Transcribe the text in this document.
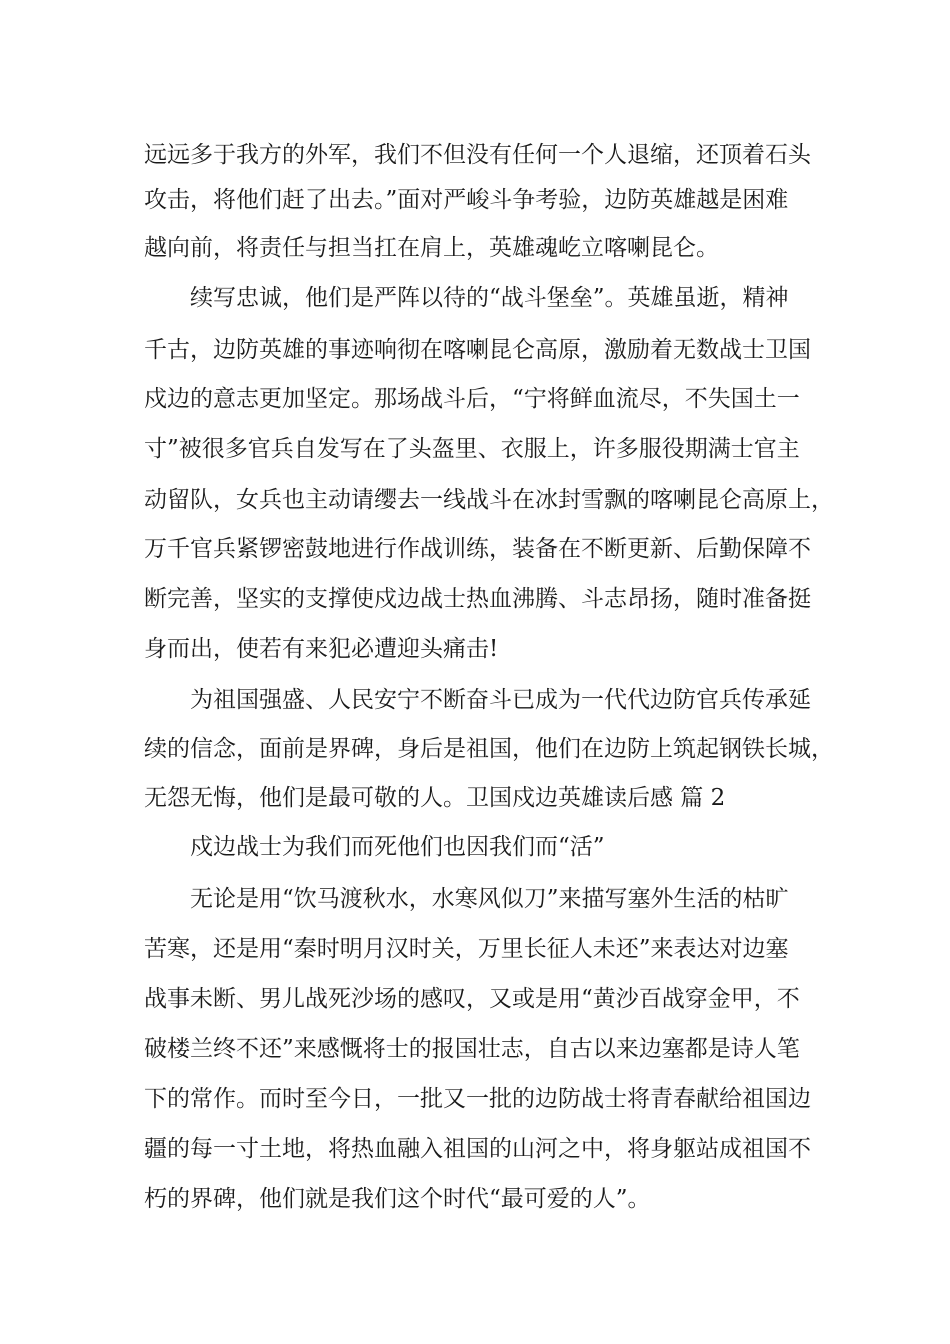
远远多于我方的外军，我们不但没有任何一个人退缩，还顶着石头

攻击，将他们赶了出去。”面对严峻斗争考验，边防英雄越是困难

越向前，将责任与担当扛在肩上，英雄魂屹立喀喇昆仑。

续写忠诚，他们是严阵以待的“战斗堡垒”。英雄虽逝，精神

千古，边防英雄的事迹响彻在喀喇昆仑高原，激励着无数战士卫国

戍边的意志更加坚定。那场战斗后，“宁将鲜血流尽，不失国土一

寸”被很多官兵自发写在了头盔里、衣服上，许多服役期满士官主

动留队，女兵也主动请缨去一线战斗在冰封雪飘的喀喇昆仑高原上，

万千官兵紧锣密鼓地进行作战训练，装备在不断更新、后勤保障不

断完善，坚实的支撑使戍边战士热血沸腾、斗志昂扬，随时准备挺

身而出，使若有来犯必遭迎头痛击!

为祖国强盛、人民安宁不断奋斗已成为一代代边防官兵传承延

续的信念，面前是界碑，身后是祖国，他们在边防上筑起钢铁长城，

无怨无悔，他们是最可敬的人。卫国戍边英雄读后感 篇 2

戍边战士为我们而死他们也因我们而“活”

无论是用“饮马渡秋水，水寒风似刀”来描写塞外生活的枯旷

苦寒，还是用“秦时明月汉时关，万里长征人未还”来表达对边塞

战事未断、男儿战死沙场的感叹，又或是用“黄沙百战穿金甲，不

破楼兰终不还”来感慨将士的报国壮志，自古以来边塞都是诗人笔

下的常作。而时至今日，一批又一批的边防战士将青春献给祖国边

疆的每一寸土地，将热血融入祖国的山河之中，将身躯站成祖国不

朽的界碑，他们就是我们这个时代“最可爱的人”。
